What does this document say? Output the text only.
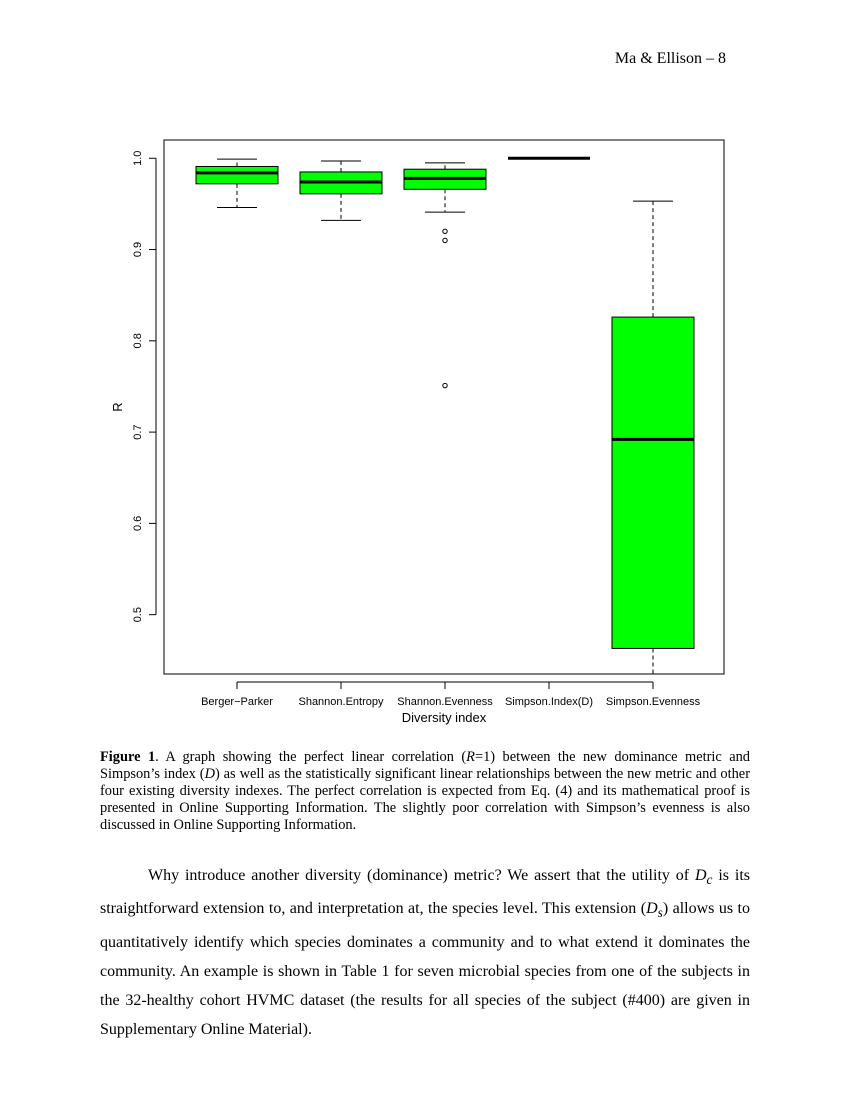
Ma & Ellison – 8
0.5
0.6
0.7
0.8
0.9
1.0
Berger−Parker Shannon.Entropy Shannon.Evenness Simpson.Index(D) Simpson.Evenness
R
Diversity index
Figure 1. A graph showing the perfect linear correlation (R=1) between the new dominance metric and Simpson’s index (D) as well as the statistically significant linear relationships between the new metric and other four existing diversity indexes. The perfect correlation is expected from Eq. (4) and its mathematical proof is presented in Online Supporting Information. The slightly poor correlation with Simpson’s evenness is also discussed in Online Supporting Information.

Why introduce another diversity (dominance) metric? We assert that the utility of $D_c$ is its straightforward extension to, and interpretation at, the species level. This extension $(D_s)$ allows us to quantitatively identify which species dominates a community and to what extend it dominates the community. An example is shown in Table 1 for seven microbial species from one of the subjects in the 32-healthy cohort HVMC dataset (the results for all species of the subject (#400) are given in Supplementary Online Material).
